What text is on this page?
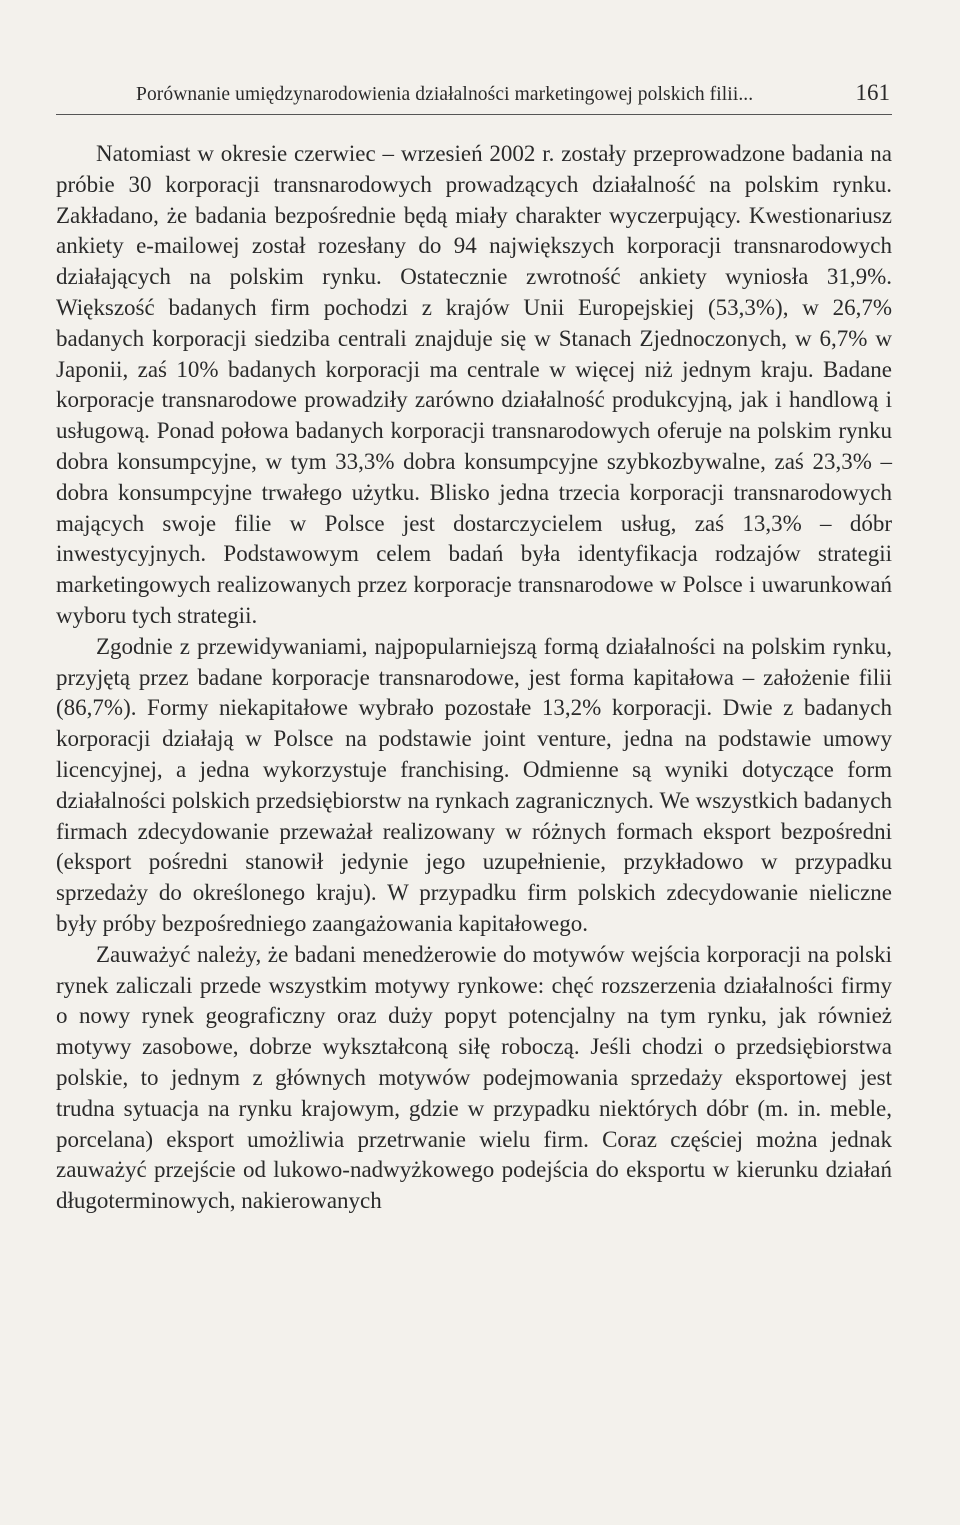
Porównanie umiędzynarodowienia działalności marketingowej polskich filii...	161

Natomiast w okresie czerwiec – wrzesień 2002 r. zostały przeprowadzone badania na próbie 30 korporacji transnarodowych prowadzących działalność na polskim rynku. Zakładano, że badania bezpośrednie będą miały charakter wyczerpujący. Kwestionariusz ankiety e-mailowej został rozesłany do 94 największych korporacji transnarodowych działających na polskim rynku. Ostatecznie zwrotność ankiety wyniosła 31,9%. Większość badanych firm pochodzi z krajów Unii Europejskiej (53,3%), w 26,7% badanych korporacji siedziba centrali znajduje się w Stanach Zjednoczonych, w 6,7% w Japonii, zaś 10% badanych korporacji ma centrale w więcej niż jednym kraju. Badane korporacje transnarodowe prowadziły zarówno działalność produkcyjną, jak i handlową i usługową. Ponad połowa badanych korporacji transnarodowych oferuje na polskim rynku dobra konsumpcyjne, w tym 33,3% dobra konsumpcyjne szybkozbywalne, zaś 23,3% – dobra konsumpcyjne trwałego użytku. Blisko jedna trzecia korporacji transnarodowych mających swoje filie w Polsce jest dostarczycielem usług, zaś 13,3% – dóbr inwestycyjnych. Podstawowym celem badań była identyfikacja rodzajów strategii marketingowych realizowanych przez korporacje transnarodowe w Polsce i uwarunkowań wyboru tych strategii.

Zgodnie z przewidywaniami, najpopularniejszą formą działalności na polskim rynku, przyjętą przez badane korporacje transnarodowe, jest forma kapitałowa – założenie filii (86,7%). Formy niekapitałowe wybrało pozostałe 13,2% korporacji. Dwie z badanych korporacji działają w Polsce na podstawie joint venture, jedna na podstawie umowy licencyjnej, a jedna wykorzystuje franchising. Odmienne są wyniki dotyczące form działalności polskich przedsiębiorstw na rynkach zagranicznych. We wszystkich badanych firmach zdecydowanie przeważał realizowany w różnych formach eksport bezpośredni (eksport pośredni stanowił jedynie jego uzupełnienie, przykładowo w przypadku sprzedaży do określonego kraju). W przypadku firm polskich zdecydowanie nieliczne były próby bezpośredniego zaangażowania kapitałowego.

Zauważyć należy, że badani menedżerowie do motywów wejścia korporacji na polski rynek zaliczali przede wszystkim motywy rynkowe: chęć rozszerzenia działalności firmy o nowy rynek geograficzny oraz duży popyt potencjalny na tym rynku, jak również motywy zasobowe, dobrze wykształconą siłę roboczą. Jeśli chodzi o przedsiębiorstwa polskie, to jednym z głównych motywów podejmowania sprzedaży eksportowej jest trudna sytuacja na rynku krajowym, gdzie w przypadku niektórych dóbr (m. in. meble, porcelana) eksport umożliwia przetrwanie wielu firm. Coraz częściej można jednak zauważyć przejście od lukowo-nadwyżkowego podejścia do eksportu w kierunku działań długoterminowych, nakierowanych
